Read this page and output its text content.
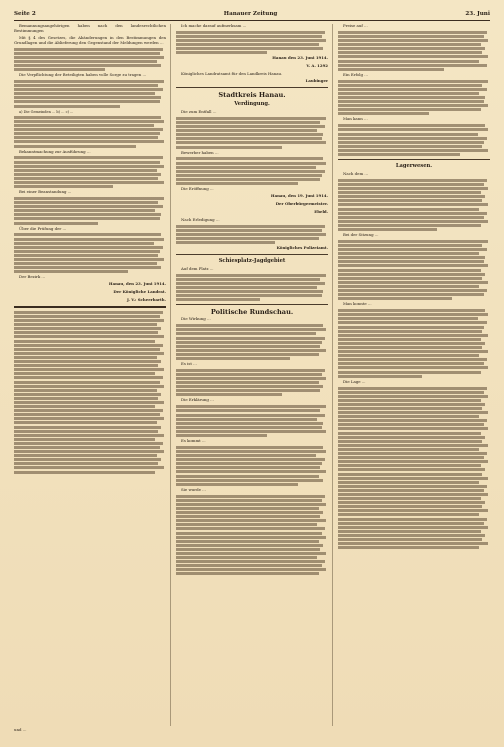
Seite 2	Hanauer Zeitung	23. Juni

Bemannungsangehörigen haben nach den landesrechtlichen Bestimmungen

Mit § 4 des Gesetzes, die Abänderungen in den Bestimmungen den Grundlagen und die Ablieferung den Gegenstand der Meldungen werden ...

Die Verpflichtung der Beteiligten haben volle Sorge zu tragen ...

a) Die Gemeinden ... b) ... c) ...

Bekanntmachung zur Ausführung ...

Bei einer Beanstandung ...

Über die Prüfung der ...

Der Bezirk ...

Hanau, den 23. Juni 1914.
Der Königliche Landrat.
J. V.: Scheerbarth.

Ich mache darauf aufmerksam ...

Hanau den 23. Juni 1914.
V. A. 1292

Königliches Landratsamt für den Landkreis Hanau.

Laubinger
Stadtkreis Hanau.
Verdingung.

Die zum Entfall ...

Bewerber haben ...

Die Eröffnung ...

Hanau, den 19. Juni 1914.
Der Oberbürgermeister.
Ebeld.

Nach Erledigung ...

Königliches Polizeiamt.
Schiesplatz-Jagdgebiet

Auf dem Platz ...

Politische Rundschau.

Die Wirkung ...

Es ist ...

Die Erklärung ...

Es kommt ...

Sie wurde ...

Preise auf ...

Ein Erfolg ...

Man kann ...

Lagerwesen.

Nach dem ...

Bei der Sitzung ...

Man konnte ...

Die Lage ...

und ...
